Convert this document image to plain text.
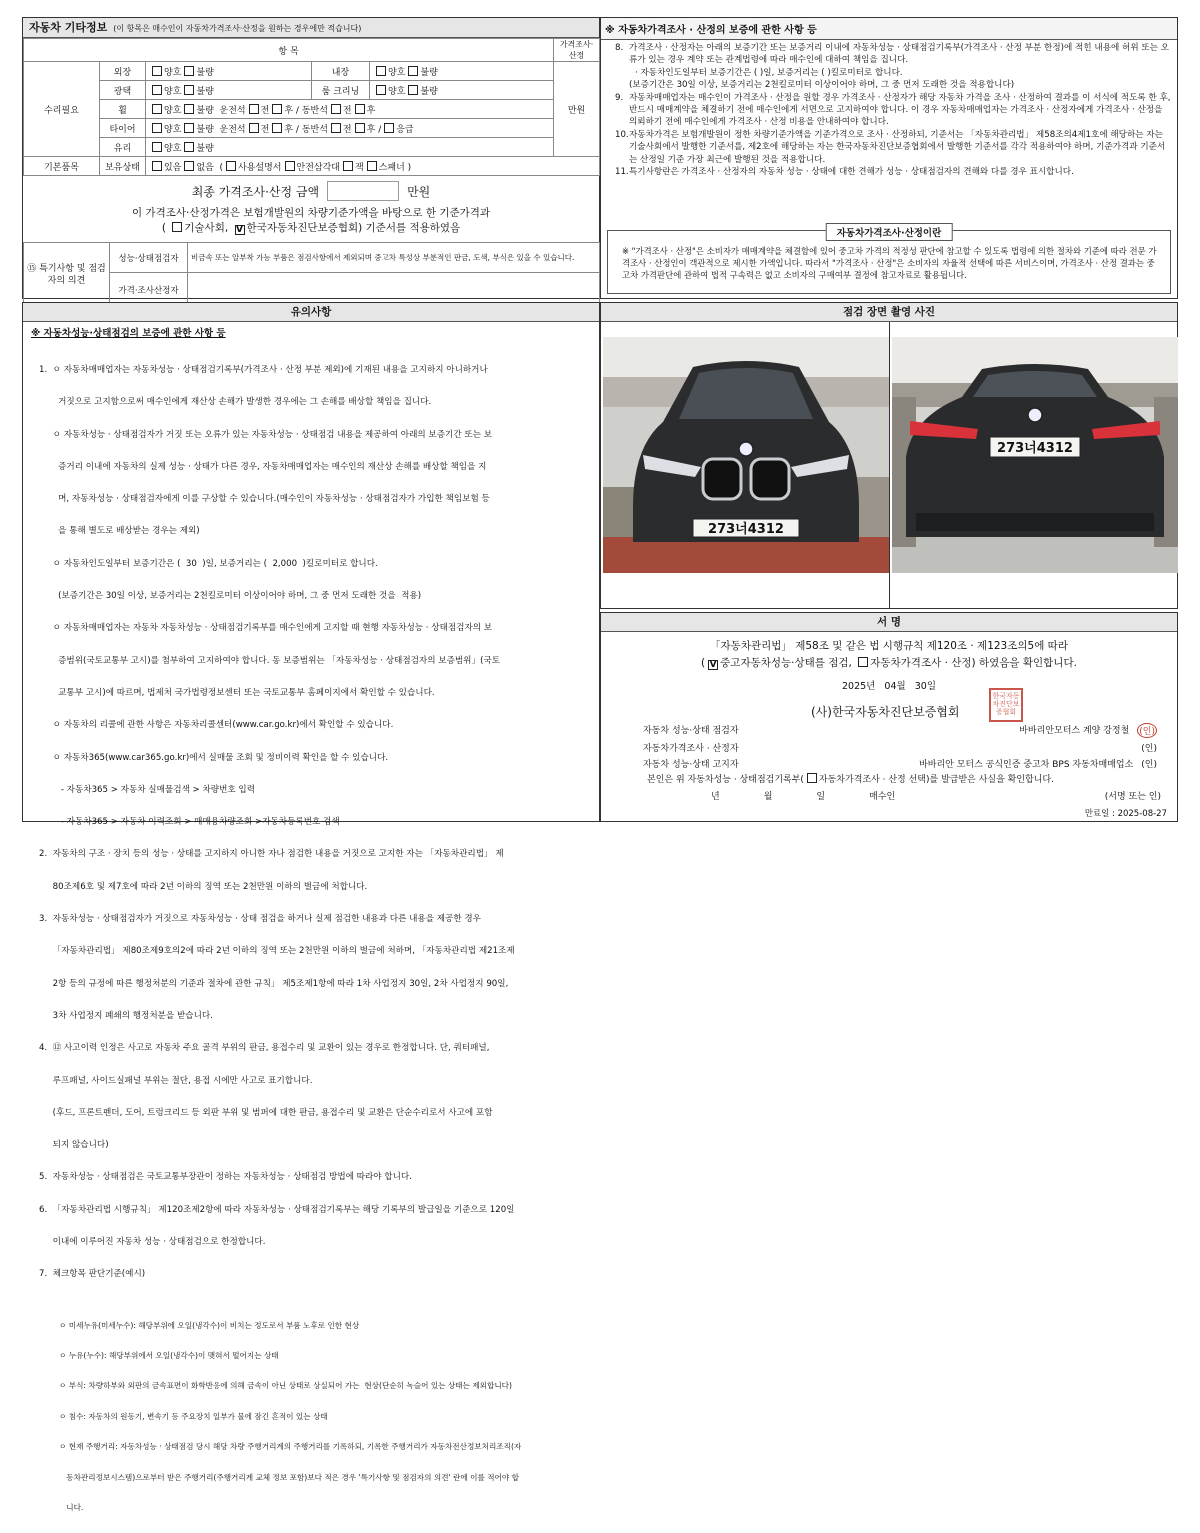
자동차 기타정보 (이 항목은 매수인이 자동차가격조사·산정을 원하는 경우에만 적습니다)
항 목					가격조사·산정
수리필요	외장	양호 불량	내장	양호 불량	만원
	광택	양호 불량	룸 크리닝	양호 불량	
	휠	양호 불량 운전석 전 후 / 동반석 전 후			
	타이어	양호 불량 운전석 전 후 / 동반석 전 후 / 응급			
	유리	양호 불량			
기본품목	보유상태	있음 없음 ( 사용설명서 안전삼각대 잭 스패너 )			
최종 가격조사·산정 금액	만원
이 가격조사·산정가격은 보험개발원의 차량기준가액을 바탕으로 한 기준가격과
( 기술사회, V 한국자동차진단보증협회) 기준서를 적용하였음
⑮ 특기사항 및 점검자의 의견	성능·상태점검자	비금속 또는 알부착 가능 부품은 점검사항에서 제외되며 중고차 특성상 부분적인 판금, 도색, 부식은 있을 수 있습니다.
	가격·조사산정자	
※ 자동차가격조사 · 산정의 보증에 관한 사항 등
8. 가격조사 · 산정자는 아래의 보증기간 또는 보증거리 이내에 자동차성능 · 상태점검기록부(가격조사 · 산정 부분 한정)에 적힌 내용에 허위 또는 오류가 있는 경우 계약 또는 관계법령에 따라 매수인에 대하여 책임을 집니다.
· 자동차인도일부터 보증기간은 ( )일, 보증거리는 ( )킬로미터로 합니다.
(보증기간은 30일 이상, 보증거리는 2천킬로미터 이상이어야 하며, 그 중 먼저 도래한 것을 적용합니다)
9. 자동차매매업자는 매수인이 가격조사 · 산정을 원할 경우 가격조사 · 산정자가 해당 자동차 가격을 조사 · 산정하여 결과를 이 서식에 적도록 한 후, 반드시 매매계약을 체결하기 전에 매수인에게 서면으로 고지하여야 합니다. 이 경우 자동차매매업자는 가격조사 · 산정자에게 가격조사 · 산정을 의뢰하기 전에 매수인에게 가격조사 · 산정 비용을 안내하여야 합니다.
10. 자동차가격은 보험개발원이 정한 차량기준가액을 기준가격으로 조사 · 산정하되, 기준서는 「자동차관리법」 제58조의4제1호에 해당하는 자는 기술사회에서 발행한 기준서를, 제2호에 해당하는 자는 한국자동차진단보증협회에서 발행한 기준서를 각각 적용하여야 하며, 기준가격과 기준서는 산정일 기준 가장 최근에 발행된 것을 적용합니다.
11. 특기사항란은 가격조사 · 산정자의 자동차 성능 · 상태에 대한 견해가 성능 · 상태점검자의 견해와 다를 경우 표시합니다.
자동차가격조사·산정이란
※ "가격조사 · 산정"은 소비자가 매매계약을 체결함에 있어 중고차 가격의 적정성 판단에 참고할 수 있도록 법령에 의한 절차와 기준에 따라 전문 가격조사 · 산정인이 객관적으로 제시한 가액입니다. 따라서 "가격조사 · 산정"은 소비자의 자율적 선택에 따른 서비스이며, 가격조사 · 산정 결과는 중고차 가격판단에 관하여 법적 구속력은 없고 소비자의 구매여부 결정에 참고자료로 활용됩니다.
유의사항
※ 자동차성능·상태점검의 보증에 관한 사항 등

1.  ㅇ 자동차매매업자는 자동차성능 · 상태점검기록부(가격조사 · 산정 부분 제외)에 기재된 내용을 고지하지 아니하거나

거짓으로 고지함으로써 매수인에게 재산상 손해가 발생한 경우에는 그 손해를 배상할 책임을 집니다.

ㅇ 자동차성능 · 상태점검자가 거짓 또는 오류가 있는 자동차성능 · 상태점검 내용을 제공하여 아래의 보증기간 또는 보

증거리 이내에 자동차의 실제 성능 · 상태가 다른 경우, 자동차매매업자는 매수인의 재산상 손해를 배상할 책임을 지

며, 자동차성능 · 상태점검자에게 이를 구상할 수 있습니다.(매수인이 자동차성능 · 상태점검자가 가입한 책임보험 등

을 통해 별도로 배상받는 경우는 제외)

ㅇ 자동차인도일부터 보증기간은 (  30  )일, 보증거리는 (  2,000  )킬로미터로 합니다.

(보증기간은 30일 이상, 보증거리는 2천킬로미터 이상이어야 하며, 그 중 먼저 도래한 것을  적용)

ㅇ 자동차매매업자는 자동차 자동차성능 · 상태점검기록부를 매수인에게 고지할 때 현행 자동차성능 · 상태점검자의 보

증범위(국토교통부 고시)를 첨부하여 고지하여야 합니다. 동 보증범위는 「자동차성능 · 상태점검자의 보증범위」(국토

교통부 고시)에 따르며, 법제처 국가법령정보센터 또는 국토교통부 홈페이지에서 확인할 수 있습니다.

ㅇ 자동차의 리콜에 관한 사항은 자동차리콜센터(www.car.go.kr)에서 확인할 수 있습니다.

ㅇ 자동차365(www.car365.go.kr)에서 실매물 조회 및 정비이력 확인을 할 수 있습니다.

- 자동차365 > 자동차 실매물검색 > 차량번호 입력

- 자동차365 > 자동차 이력조회 > 매매용차량조회 >자동차등록번호 검색

2.  자동차의 구조 · 장치 등의 성능 · 상태를 고지하지 아니한 자나 점검한 내용을 거짓으로 고지한 자는 「자동차관리법」 제

80조제6호 및 제7호에 따라 2년 이하의 징역 또는 2천만원 이하의 벌금에 처합니다.

3.  자동차성능 · 상태점검자가 거짓으로 자동차성능 · 상태 점검을 하거나 실제 점검한 내용과 다른 내용을 제공한 경우

「자동차관리법」 제80조제9호의2에 따라 2년 이하의 징역 또는 2천만원 이하의 벌금에 처하며, 「자동차관리법 제21조제

2항 등의 규정에 따른 행정처분의 기준과 절차에 관한 규칙」 제5조제1항에 따라 1차 사업정지 30일, 2차 사업정지 90일,

3차 사업정지 폐쇄의 행정처분을 받습니다.

4.  ⑫ 사고이력 인정은 사고로 자동차 주요 골격 부위의 판금, 용접수리 및 교환이 있는 경우로 한정합니다. 단, 쿼터패널,

루프패널, 사이드실패널 부위는 절단, 용접 시에만 사고로 표기합니다.

(후드, 프론트펜더, 도어, 트렁크리드 등 외판 부위 및 범퍼에 대한 판금, 용접수리 및 교환은 단순수리로서 사고에 포함

되지 않습니다)

5.  자동차성능 · 상태점검은 국토교통부장관이 정하는 자동차성능 · 상태점검 방법에 따라야 합니다.

6.  「자동차관리법 시행규칙」 제120조제2항에 따라 자동차성능 · 상태점검기록부는 해당 기록부의 발급일을 기준으로 120일

이내에 이루어진 자동차 성능 · 상태점검으로 한정합니다.

7.  체크항목 판단기준(예시)

ㅇ 미세누유(미세누수): 해당부위에 오일(냉각수)이 비치는 정도로서 부품 노후로 인한 현상

ㅇ 누유(누수): 해당부위에서 오일(냉각수)이 맺혀서 떨어지는 상태

ㅇ 부식: 차량하부와 외판의 금속표면이 화학반응에 의해 금속이 아닌 상태로 상실되어 가는  현상(단순히 녹슬어 있는 상태는 제외합니다)

ㅇ 침수: 자동차의 원동기, 변속기 등 주요장치 일부가 물에 잠긴 흔적이 있는 상태

ㅇ 현재 주행거리: 자동차성능 · 상태점검 당시 해당 차량 주행거리계의 주행거리를 기록하되, 기록한 주행거리가 자동차전산정보처리조직(자

동차관리정보시스템)으로부터 받은 주행거리(주행거리계 교체 정보 포함)보다 적은 경우 '특기사항 및 점검자의 의견' 란에 이를 적어야 합

니다.

점검 장면 촬영 사진
273너4312
273너4312
서 명
「자동차관리법」 제58조 및 같은 법 시행규칙 제120조 · 제123조의5에 따라
( V 중고자동차성능·상태를 점검, 자동차가격조사 · 산정) 하였음을 확인합니다.
2025년 04월 30일
(사)한국자동차진단보증협회
한국자동차진단보증협회
자동차 성능·상태 점검자	바바리안모터스 계양 강정철	(인)
자동차가격조사 · 산정자	(인)
자동차 성능·상태 고지자	바바리안 모터스 공식인증 중고차 BPS 자동차매매업소 (인)
본인은 위 자동차성능 · 상태점검기록부( 자동차가격조사 · 산정 선택)를 발급받은 사실을 확인합니다.
년	월	일	매수인	(서명 또는 인)
만료일 : 2025-08-27
